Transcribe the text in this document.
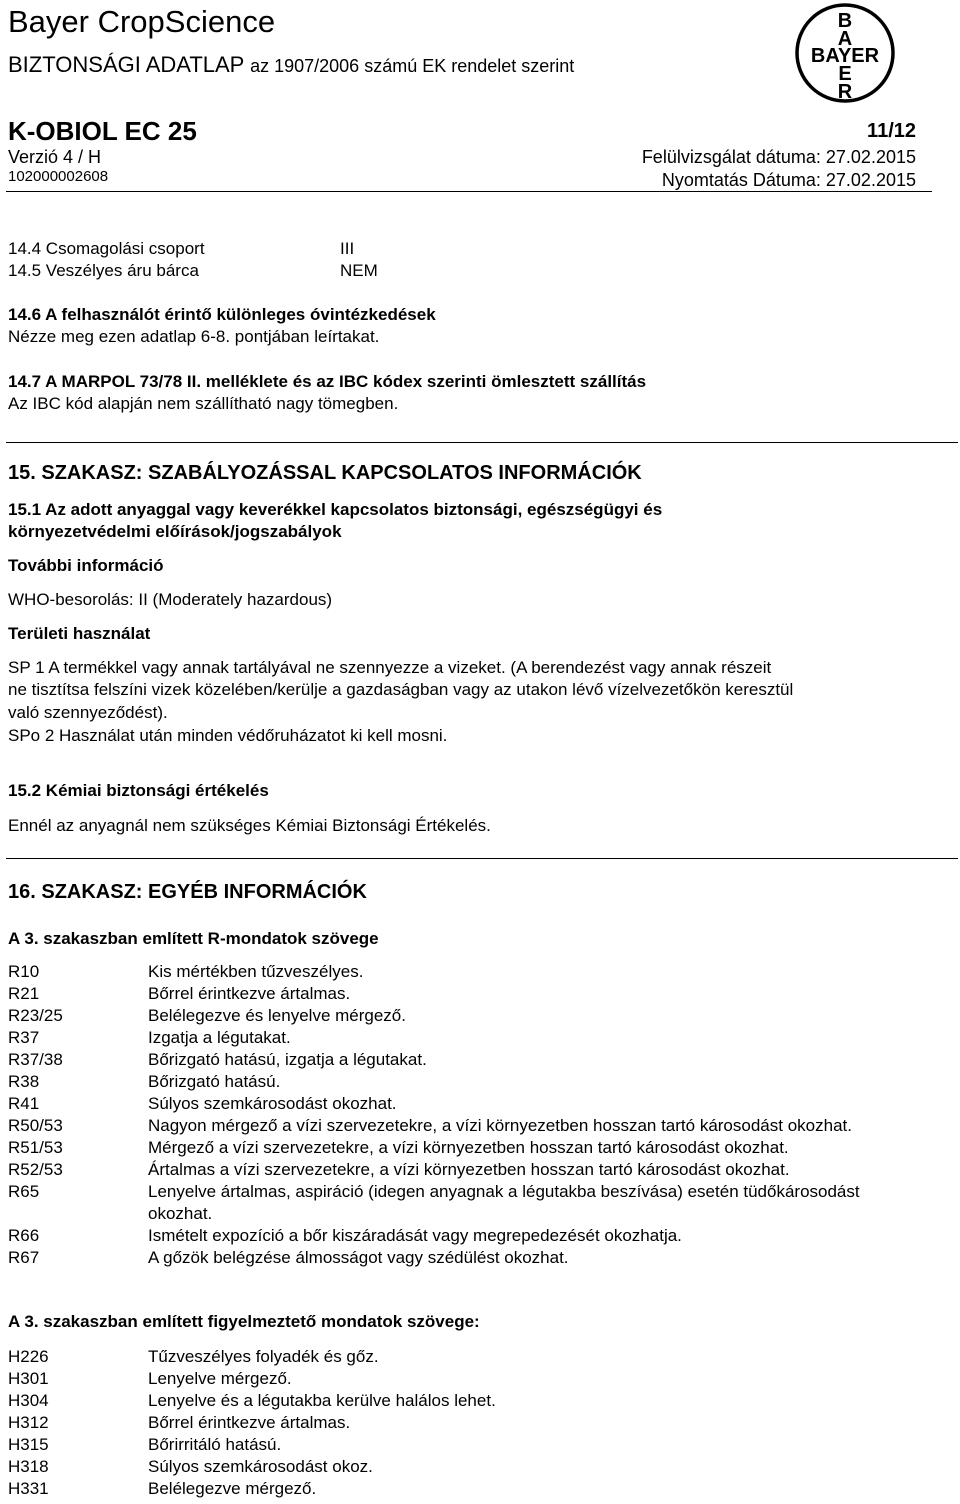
Bayer CropScience
BIZTONSÁGI ADATLAP az 1907/2006 számú EK rendelet szerint
B
A
BAYER
E
R
K-OBIOL EC 25	11/12
Verzió 4 / H	Felülvizsgálat dátuma: 27.02.2015
102000002608	Nyomtatás Dátuma: 27.02.2015
14.4 Csomagolási csoport	III
14.5 Veszélyes áru bárca	NEM
14.6 A felhasználót érintő különleges óvintézkedések
Nézze meg ezen adatlap 6-8. pontjában leírtakat.
14.7 A MARPOL 73/78 II. melléklete és az IBC kódex szerinti ömlesztett szállítás
Az IBC kód alapján nem szállítható nagy tömegben.
15. SZAKASZ: SZABÁLYOZÁSSAL KAPCSOLATOS INFORMÁCIÓK
15.1 Az adott anyaggal vagy keverékkel kapcsolatos biztonsági, egészségügyi és
környezetvédelmi előírások/jogszabályok
További információ
WHO-besorolás: II (Moderately hazardous)
Területi használat
SP 1 A termékkel vagy annak tartályával ne szennyezze a vizeket. (A berendezést vagy annak részeit
ne tisztítsa felszíni vizek közelében/kerülje a gazdaságban vagy az utakon lévő vízelvezetőkön keresztül
való szennyeződést).
SPo 2 Használat után minden védőruházatot ki kell mosni.
15.2 Kémiai biztonsági értékelés
Ennél az anyagnál nem szükséges Kémiai Biztonsági Értékelés.
16. SZAKASZ: EGYÉB INFORMÁCIÓK
A 3. szakaszban említett R-mondatok szövege
R10	Kis mértékben tűzveszélyes.
R21	Bőrrel érintkezve ártalmas.
R23/25	Belélegezve és lenyelve mérgező.
R37	Izgatja a légutakat.
R37/38	Bőrizgató hatású, izgatja a légutakat.
R38	Bőrizgató hatású.
R41	Súlyos szemkárosodást okozhat.
R50/53	Nagyon mérgező a vízi szervezetekre, a vízi környezetben hosszan tartó károsodást okozhat.
R51/53	Mérgező a vízi szervezetekre, a vízi környezetben hosszan tartó károsodást okozhat.
R52/53	Ártalmas a vízi szervezetekre, a vízi környezetben hosszan tartó károsodást okozhat.
R65	Lenyelve ártalmas, aspiráció (idegen anyagnak a légutakba beszívása) esetén tüdőkárosodást okozhat.
R66	Ismételt expozíció a bőr kiszáradását vagy megrepedezését okozhatja.
R67	A gőzök belégzése álmosságot vagy szédülést okozhat.
A 3. szakaszban említett figyelmeztető mondatok szövege:
H226	Tűzveszélyes folyadék és gőz.
H301	Lenyelve mérgező.
H304	Lenyelve és a légutakba kerülve halálos lehet.
H312	Bőrrel érintkezve ártalmas.
H315	Bőrirritáló hatású.
H318	Súlyos szemkárosodást okoz.
H331	Belélegezve mérgező.
